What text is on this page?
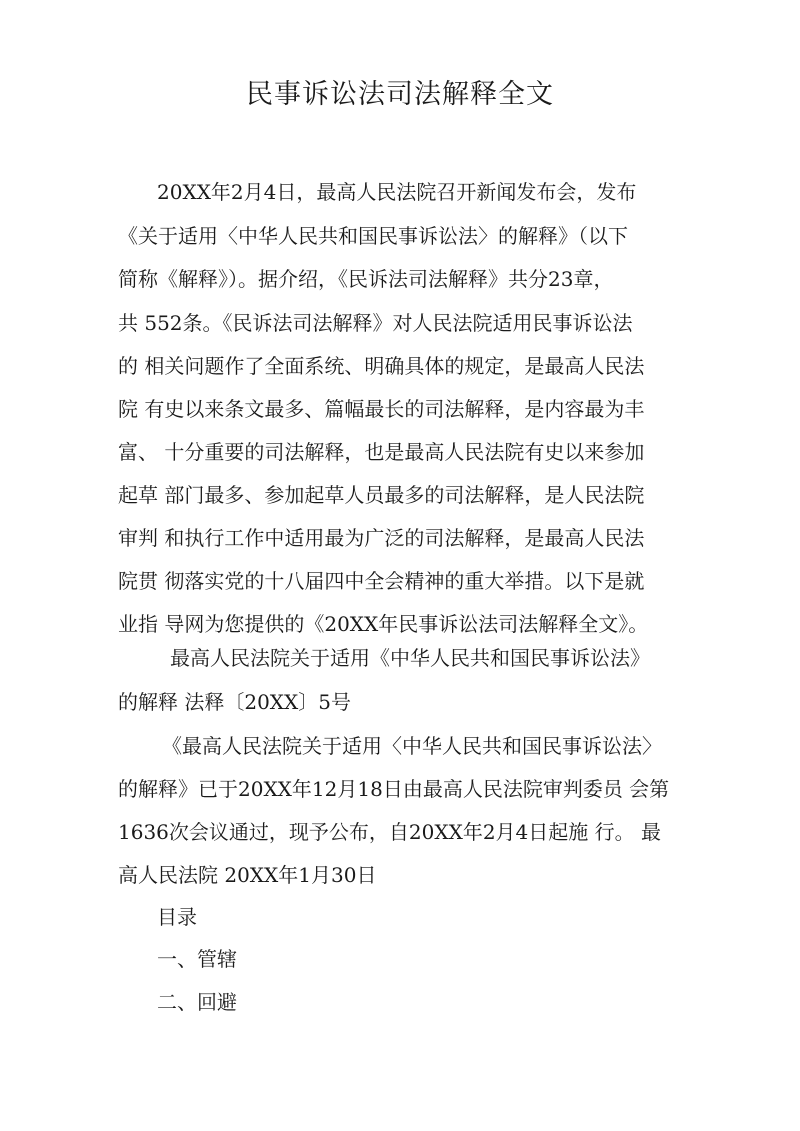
民事诉讼法司法解释全文
20XX年2月4日，最高人民法院召开新闻发布会，发布
《关于适用〈中华人民共和国民事诉讼法〉的解释》（以下
简称《解释》）。据介绍，《民诉法司法解释》共分23章，
共 552条。《民诉法司法解释》对人民法院适用民事诉讼法
的 相关问题作了全面系统、明确具体的规定，是最高人民法
院 有史以来条文最多、篇幅最长的司法解释，是内容最为丰
富、 十分重要的司法解释，也是最高人民法院有史以来参加
起草 部门最多、参加起草人员最多的司法解释，是人民法院
审判 和执行工作中适用最为广泛的司法解释，是最高人民法
院贯 彻落实党的十八届四中全会精神的重大举措。以下是就
业指 导网为您提供的《20XX年民事诉讼法司法解释全文》。
最高人民法院关于适用《中华人民共和国民事诉讼法》
的解释 法释〔20XX〕5号
《最高人民法院关于适用〈中华人民共和国民事诉讼法〉
的解释》已于20XX年12月18日由最高人民法院审判委员 会第
1636次会议通过，现予公布，自20XX年2月4日起施 行。 最
高人民法院 20XX年1月30日
目录
一、管辖
二、回避
